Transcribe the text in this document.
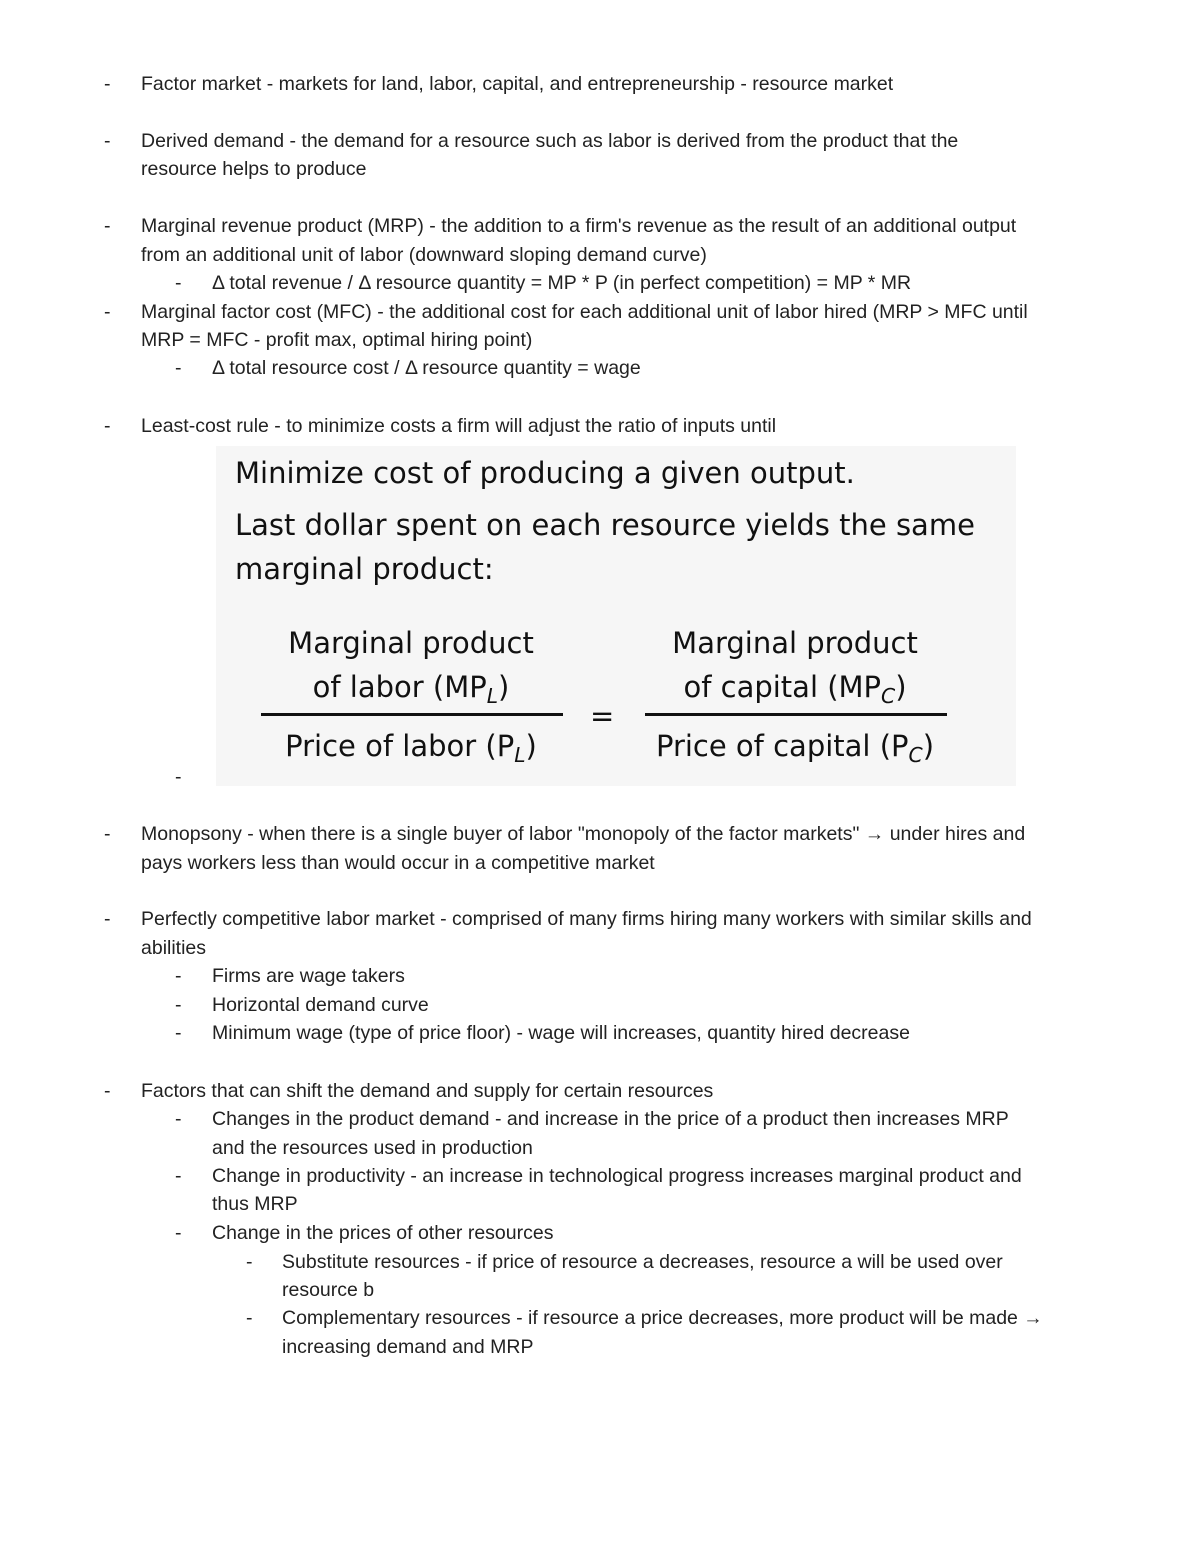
- Factor market - markets for land, labor, capital, and entrepreneurship - resource market
- Derived demand - the demand for a resource such as labor is derived from the product that the
resource helps to produce
- Marginal revenue product (MRP) - the addition to a firm's revenue as the result of an additional output
from an additional unit of labor (downward sloping demand curve)
- Δ total revenue / Δ resource quantity = MP * P (in perfect competition) = MP * MR
- Marginal factor cost (MFC) - the additional cost for each additional unit of labor hired (MRP > MFC until
MRP = MFC - profit max, optimal hiring point)
- Δ total resource cost / Δ resource quantity = wage
- Least-cost rule - to minimize costs a firm will adjust the ratio of inputs until
Minimize cost of producing a given output.
Last dollar spent on each resource yields the same
marginal product:
Marginal product
of labor $(MP_L)$
Price of labor $(P_L)$
=
Marginal product
of capital $(MP_C)$
Price of capital $(P_C)$
-
- Monopsony - when there is a single buyer of labor "monopoly of the factor markets" → under hires and
pays workers less than would occur in a competitive market
- Perfectly competitive labor market - comprised of many firms hiring many workers with similar skills and
abilities
- Firms are wage takers
- Horizontal demand curve
- Minimum wage (type of price floor) - wage will increases, quantity hired decrease
- Factors that can shift the demand and supply for certain resources
- Changes in the product demand - and increase in the price of a product then increases MRP
and the resources used in production
- Change in productivity - an increase in technological progress increases marginal product and
thus MRP
- Change in the prices of other resources
- Substitute resources - if price of resource a decreases, resource a will be used over
resource b
- Complementary resources - if resource a price decreases, more product will be made →
increasing demand and MRP
